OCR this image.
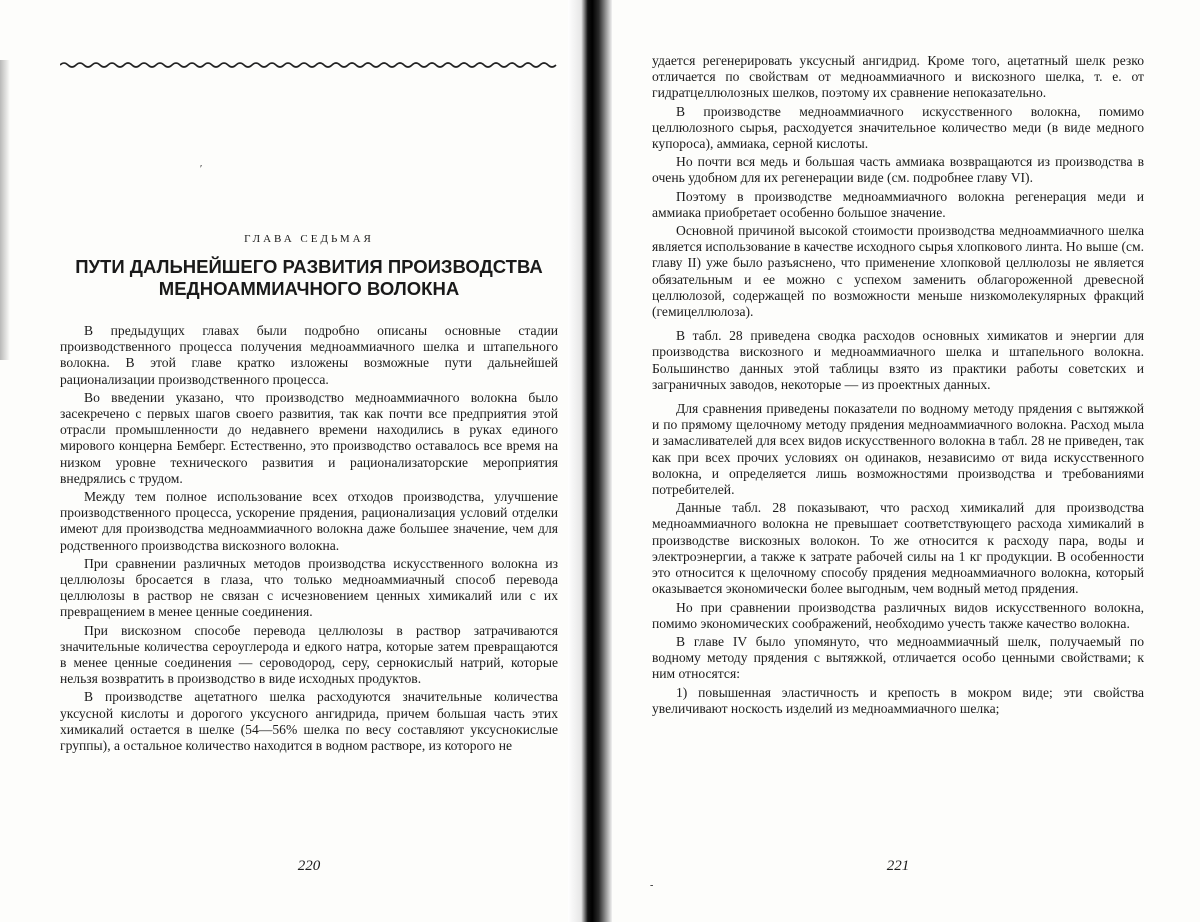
′
ГЛАВА СЕДЬМАЯ
ПУТИ ДАЛЬНЕЙШЕГО РАЗВИТИЯ ПРОИЗВОДСТВА
МЕДНОАММИАЧНОГО ВОЛОКНА

В предыдущих главах были подробно описаны основные стадии производственного процесса получения медноаммиачного шелка и штапельного волокна. В этой главе кратко изложены возможные пути дальнейшей рационализации производственного процесса.

Во введении указано, что производство медноаммиачного волокна было засекречено с первых шагов своего развития, так как почти все предприятия этой отрасли промышленности до недавнего времени находились в руках единого мирового концерна Бемберг. Естественно, это производство оставалось все время на низком уровне технического развития и рационализаторские мероприятия внедрялись с трудом.

Между тем полное использование всех отходов производства, улучшение производственного процесса, ускорение прядения, рационализация условий отделки имеют для производства медноаммиачного волокна даже большее значение, чем для родственного производства вискозного волокна.

При сравнении различных методов производства искусственного волокна из целлюлозы бросается в глаза, что только медноаммиачный способ перевода целлюлозы в раствор не связан с исчезновением ценных химикалий или с их превращением в менее ценные соединения.

При вискозном способе перевода целлюлозы в раствор затрачиваются значительные количества сероуглерода и едкого натра, которые затем превращаются в менее ценные соединения — сероводород, серу, сернокислый натрий, которые нельзя возвратить в производство в виде исходных продуктов.

В производстве ацетатного шелка расходуются значительные количества уксусной кислоты и дорогого уксусного ангидрида, причем большая часть этих химикалий остается в шелке (54—56% шелка по весу составляют уксуснокислые группы), а остальное количество находится в водном растворе, из которого не

220

удается регенерировать уксусный ангидрид. Кроме того, ацетатный шелк резко отличается по свойствам от медноаммиачного и вискозного шелка, т. е. от гидратцеллюлозных шелков, поэтому их сравнение непоказательно.

В производстве медноаммиачного искусственного волокна, помимо целлюлозного сырья, расходуется значительное количество меди (в виде медного купороса), аммиака, серной кислоты.

Но почти вся медь и большая часть аммиака возвращаются из производства в очень удобном для их регенерации виде (см. подробнее главу VI).

Поэтому в производстве медноаммиачного волокна регенерация меди и аммиака приобретает особенно большое значение.

Основной причиной высокой стоимости производства медноаммиачного шелка является использование в качестве исходного сырья хлопкового линта. Но выше (см. главу II) уже было разъяснено, что применение хлопковой целлюлозы не является обязательным и ее можно с успехом заменить облагороженной древесной целлюлозой, содержащей по возможности меньше низкомолекулярных фракций (гемицеллюлоза).

В табл. 28 приведена сводка расходов основных химикатов и энергии для производства вискозного и медноаммиачного шелка и штапельного волокна. Большинство данных этой таблицы взято из практики работы советских и заграничных заводов, некоторые — из проектных данных.

Для сравнения приведены показатели по водному методу прядения с вытяжкой и по прямому щелочному методу прядения медноаммиачного волокна. Расход мыла и замасливателей для всех видов искусственного волокна в табл. 28 не приведен, так как при всех прочих условиях он одинаков, независимо от вида искусственного волокна, и определяется лишь возможностями производства и требованиями потребителей.

Данные табл. 28 показывают, что расход химикалий для производства медноаммиачного волокна не превышает соответствующего расхода химикалий в производстве вискозных волокон. То же относится к расходу пара, воды и электроэнергии, а также к затрате рабочей силы на 1 кг продукции. В особенности это относится к щелочному способу прядения медноаммиачного волокна, который оказывается экономически более выгодным, чем водный метод прядения.

Но при сравнении производства различных видов искусственного волокна, помимо экономических соображений, необходимо учесть также качество волокна.

В главе IV было упомянуто, что медноаммиачный шелк, получаемый по водному методу прядения с вытяжкой, отличается особо ценными свойствами; к ним относятся:

1) повышенная эластичность и крепость в мокром виде; эти свойства увеличивают носкость изделий из медноаммиачного шелка;

221
-
